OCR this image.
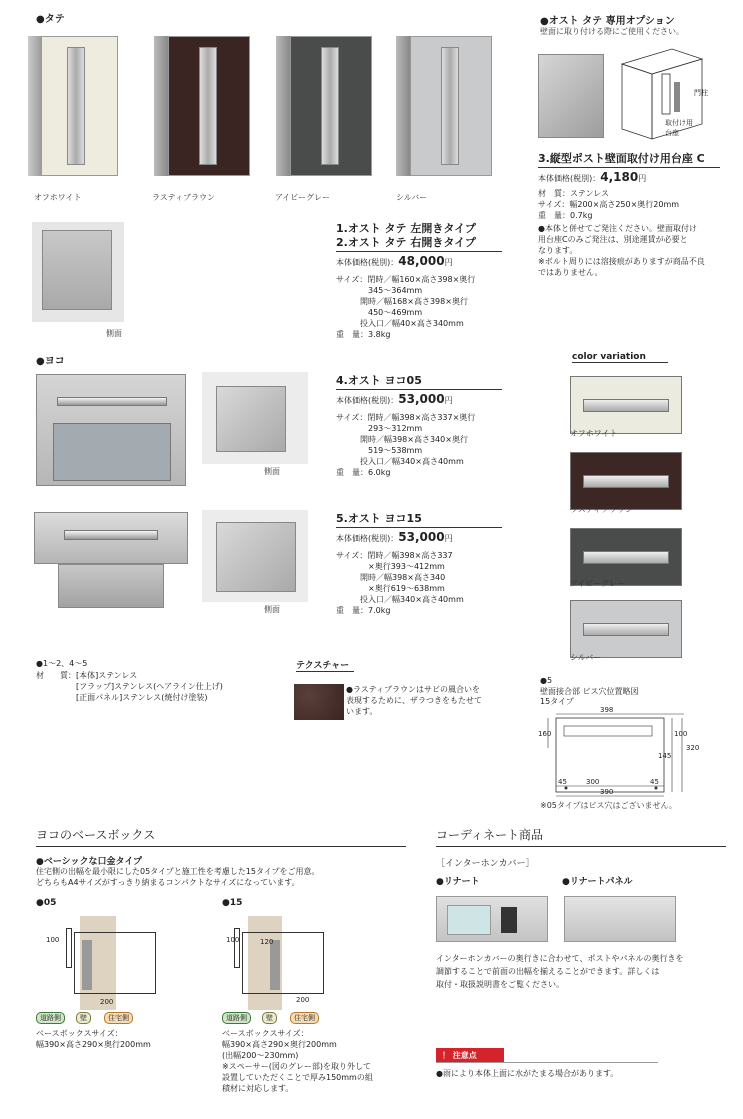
●タテ
オフホワイト	ラスティブラウン	アイビーグレー	シルバー
側面
1.オスト タテ 左開きタイプ
2.オスト タテ 右開きタイプ
本体価格(税別)：48,000円
サイズ：閉時／幅160×高さ398×奥行
　　　　345〜364mm
　　　開時／幅168×高さ398×奥行
　　　　450〜469mm
　　　投入口／幅40×高さ340mm
重　量：3.8kg
●オスト タテ 専用オプション
壁面に取り付ける際にご使用ください。
門柱
取付け用
台座
3.縦型ポスト壁面取付け用台座 C
本体価格(税別)：4,180円
材　質：ステンレス
サイズ：幅200×高さ250×奥行20mm
重　量：0.7kg
●本体と併せてご発注ください。壁面取付け
用台座Cのみご発注は、別途運賃が必要と
なります。
※ボルト周りには溶接痕がありますが商品不良
ではありません。
●ヨコ
側面
4.オスト ヨコ05
本体価格(税別)：53,000円
サイズ：閉時／幅398×高さ337×奥行
　　　　293〜312mm
　　　開時／幅398×高さ340×奥行
　　　　519〜538mm
　　　投入口／幅340×高さ40mm
重　量：6.0kg
側面
5.オスト ヨコ15
本体価格(税別)：53,000円
サイズ：閉時／幅398×高さ337
　　　　×奥行393〜412mm
　　　開時／幅398×高さ340
　　　　×奥行619〜638mm
　　　投入口／幅340×高さ40mm
重　量：7.0kg
color variation
オフホワイト
ラスティブラウン
アイビーグレー
シルバー
●1〜2、4〜5
材　　質：[本体]ステンレス
　　　　　[フラップ]ステンレス(ヘアライン仕上げ)
　　　　　[正面パネル]ステンレス(焼付け塗装)
テクスチャー
●ラスティブラウンはサビの風合いを
表現するために、ザラつきをもたせて
います。
●5
壁面接合部 ビス穴位置略図
15タイプ
398
160
45	300	45
390
100
145
320
※05タイプはビス穴はございません。
ヨコのベースボックス
●ベーシックな口金タイプ
住宅側の出幅を最小限にした05タイプと施工性を考慮した15タイプをご用意。
どちらもA4サイズがすっきり納まるコンパクトなサイズになっています。
●05	●15
100
200
100	120
200
道路側	壁	住宅側	道路側	壁	住宅側
ベースボックスサイズ：
幅390×高さ290×奥行200mm
ベースボックスサイズ：
幅390×高さ290×奥行200mm
(出幅200〜230mm)
※スペーサー(図のグレー部)を取り外して
設置していただくことで厚み150mmの組
積材に対応します。
コーディネート商品
［インターホンカバー］
●リナート	●リナートパネル
インターホンカバーの奥行きに合わせて、ポストやパネルの奥行きを
調節することで前面の出幅を揃えることができます。詳しくは
取付・取扱説明書をご覧ください。
！ 注意点
●雨により本体上面に水がたまる場合があります。
